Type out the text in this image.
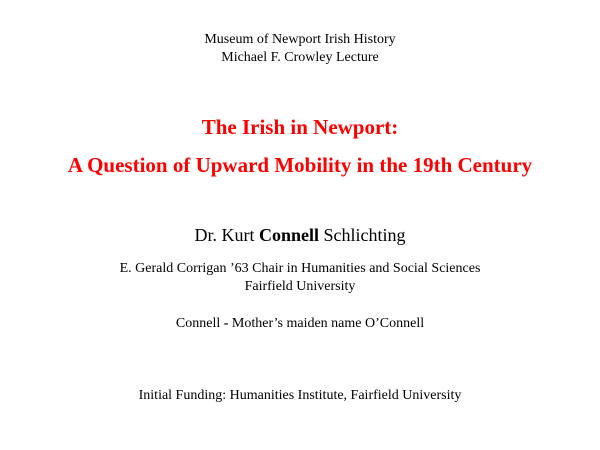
Museum of Newport Irish History
Michael F. Crowley Lecture
The Irish in Newport:
A Question of Upward Mobility in the 19th Century
Dr. Kurt Connell Schlichting
E. Gerald Corrigan ’63 Chair in Humanities and Social Sciences
Fairfield University
Connell - Mother’s maiden name O’Connell
Initial Funding: Humanities Institute, Fairfield University
